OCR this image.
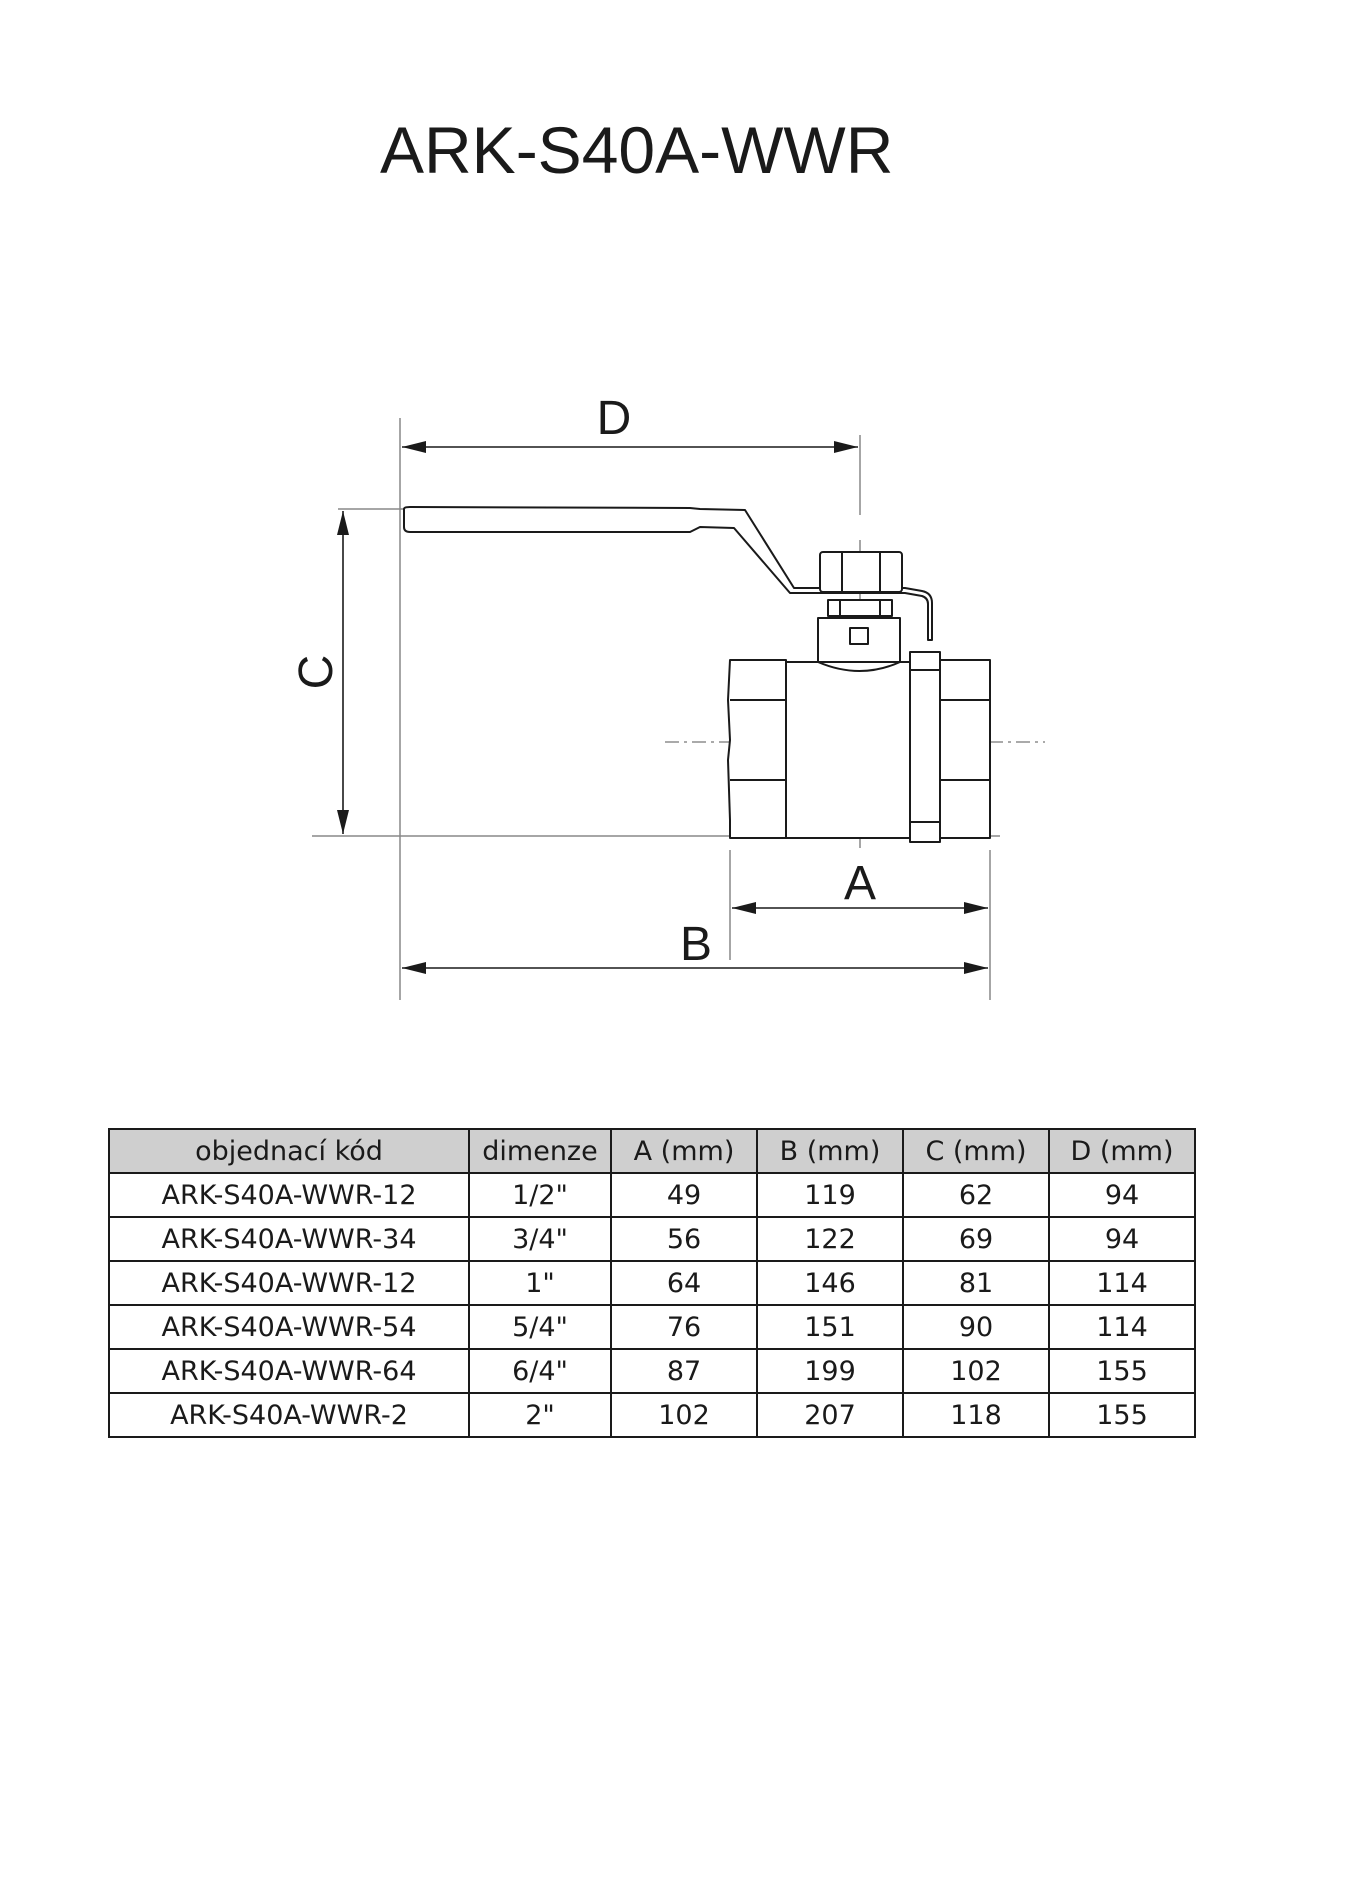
ARK-S40A-WWR
D
C
A
B
objednací kód	dimenze	A (mm)	B (mm)	C (mm)	D (mm)
ARK-S40A-WWR-12	1/2"	49	119	62	94
ARK-S40A-WWR-34	3/4"	56	122	69	94
ARK-S40A-WWR-12	1"	64	146	81	114
ARK-S40A-WWR-54	5/4"	76	151	90	114
ARK-S40A-WWR-64	6/4"	87	199	102	155
ARK-S40A-WWR-2	2"	102	207	118	155
